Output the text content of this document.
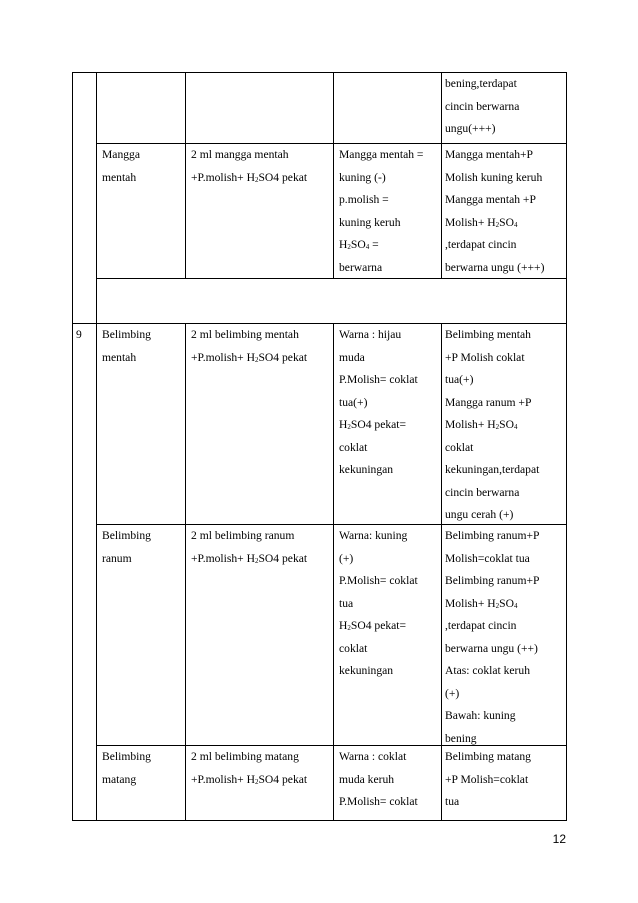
bening,terdapat
cincin berwarna
ungu(+++)
Mangga
mentah
2 ml mangga mentah
+P.molish+ $H_2SO4$ pekat
Mangga mentah =
kuning (-)
p.molish =
kuning keruh
$H_2SO_4$ =
berwarna
Mangga mentah+P
Molish kuning keruh
Mangga mentah +P
Molish+ $H_2SO_4$
,terdapat cincin
berwarna ungu (+++)
9 Belimbing
mentah
2 ml belimbing mentah
+P.molish+ $H_2SO4$ pekat
Warna : hijau
muda
P.Molish= coklat
tua(+)
$H_2SO4$ pekat=
coklat
kekuningan
Belimbing mentah
+P Molish coklat
tua(+)
Mangga ranum +P
Molish+ $H_2SO_4$
coklat
kekuningan,terdapat
cincin berwarna
ungu cerah (+)
Belimbing
ranum
2 ml belimbing ranum
+P.molish+ $H_2SO4$ pekat
Warna: kuning
(+)
P.Molish= coklat
tua
$H_2SO4$ pekat=
coklat
kekuningan
Belimbing ranum+P
Molish=coklat tua
Belimbing ranum+P
Molish+ $H_2SO_4$
,terdapat cincin
berwarna ungu (++)
Atas: coklat keruh
(+)
Bawah: kuning
bening
Belimbing
matang
2 ml belimbing matang
+P.molish+ $H_2SO4$ pekat
Warna : coklat
muda keruh
P.Molish= coklat
Belimbing matang
+P Molish=coklat
tua
12
